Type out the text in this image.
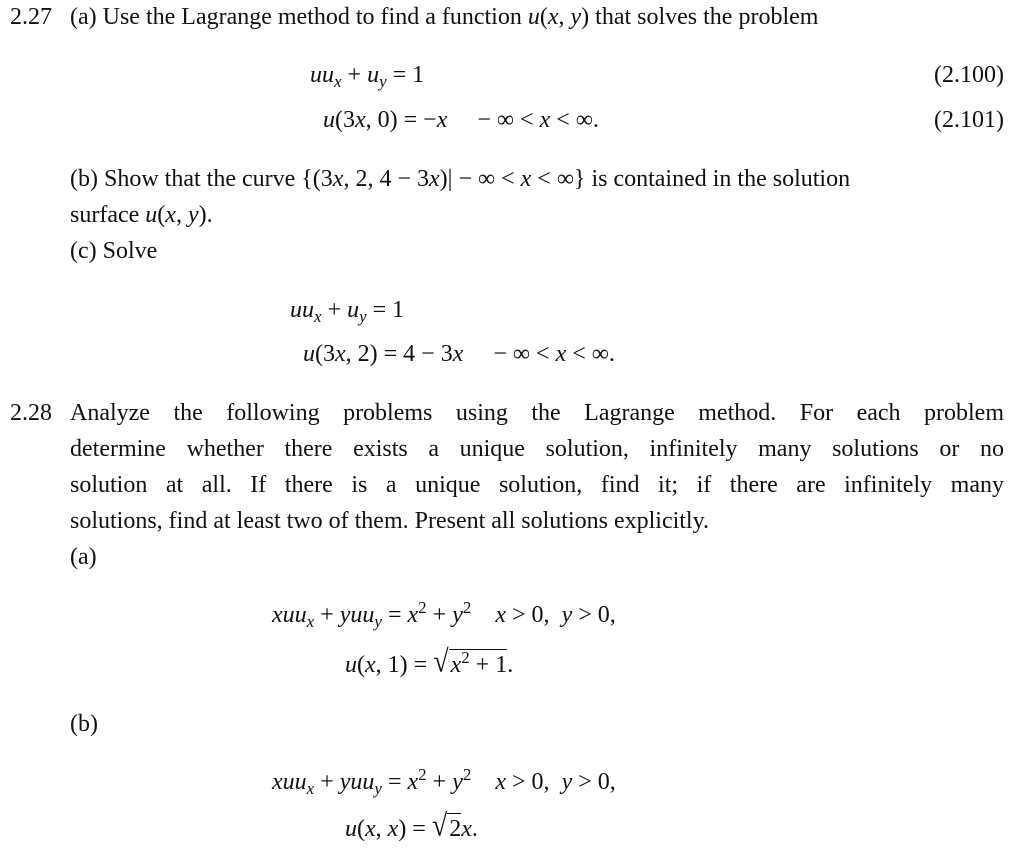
2.27 (a) Use the Lagrange method to find a function u(x, y) that solves the problem
$uu_x + u_y = 1$	(2.100)
u(3x, 0) = −x     − ∞ < x < ∞.	(2.101)
(b) Show that the curve {(3x, 2, 4 − 3x)| − ∞ < x < ∞} is contained in the solution
surface u(x, y).
(c) Solve
$uu_x + u_y = 1$
u(3x, 2) = 4 − 3x     − ∞ < x < ∞.
2.28 Analyze the following problems using the Lagrange method. For each problem
determine whether there exists a unique solution, infinitely many solutions or no
solution at all. If there is a unique solution, find it; if there are infinitely many
solutions, find at least two of them. Present all solutions explicitly.
(a)
$xuu_x + yuu_y = x^2 + y^2$ x > 0,  y > 0,
u(x, $1) = √x^2 + 1$.
(b)
$xuu_x + yuu_y = x^2 + y^2$ x > 0,  y > 0,
u(x, x) = √2x.
